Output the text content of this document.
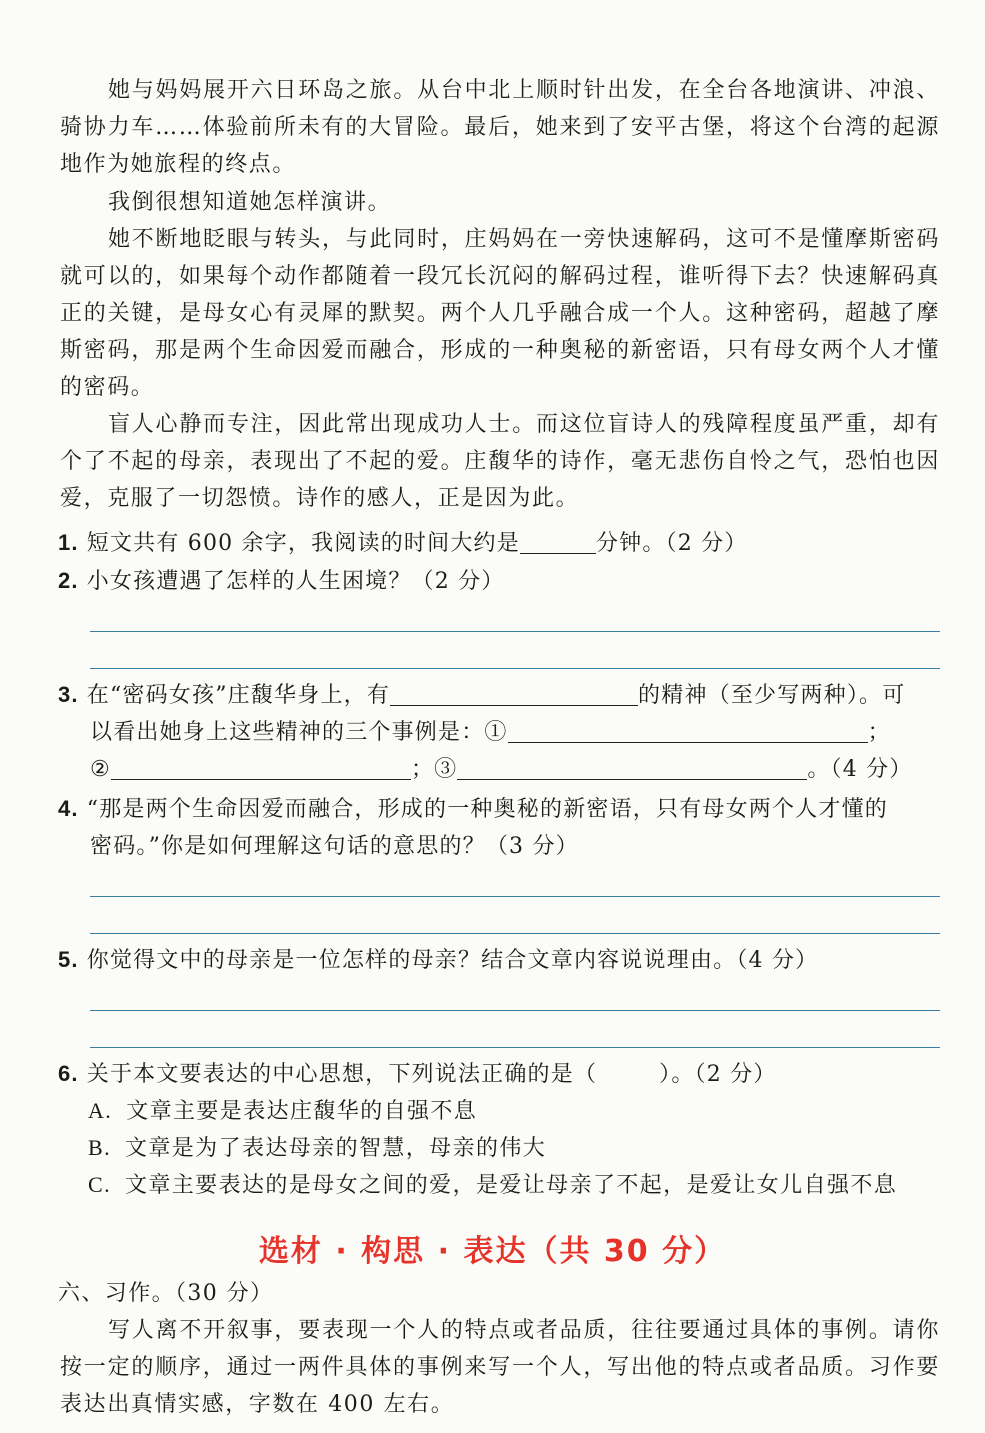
她与妈妈展开六日环岛之旅。从台中北上顺时针出发，在全台各地演讲、冲浪、骑协力车……体验前所未有的大冒险。最后，她来到了安平古堡，将这个台湾的起源地作为她旅程的终点。

我倒很想知道她怎样演讲。

她不断地眨眼与转头，与此同时，庄妈妈在一旁快速解码，这可不是懂摩斯密码就可以的，如果每个动作都随着一段冗长沉闷的解码过程，谁听得下去？快速解码真正的关键，是母女心有灵犀的默契。两个人几乎融合成一个人。这种密码，超越了摩斯密码，那是两个生命因爱而融合，形成的一种奥秘的新密语，只有母女两个人才懂的密码。

盲人心静而专注，因此常出现成功人士。而这位盲诗人的残障程度虽严重，却有个了不起的母亲，表现出了不起的爱。庄馥华的诗作，毫无悲伤自怜之气，恐怕也因爱，克服了一切怨愤。诗作的感人，正是因为此。

1. 短文共有 600 余字，我阅读的时间大约是	分钟。（2 分）

2. 小女孩遭遇了怎样的人生困境？（2 分）

3. 在“密码女孩”庄馥华身上，有	的精神（至少写两种）。可
以看出她身上这些精神的三个事例是：①	；
②	；③	。（4 分）

4. “那是两个生命因爱而融合，形成的一种奥秘的新密语，只有母女两个人才懂的
密码。”你是如何理解这句话的意思的？（3 分）

5. 你觉得文中的母亲是一位怎样的母亲？结合文章内容说说理由。（4 分）

6. 关于本文要表达的中心思想，下列说法正确的是（	）。（2 分）

A. 文章主要是表达庄馥华的自强不息

B. 文章是为了表达母亲的智慧，母亲的伟大

C. 文章主要表达的是母女之间的爱，是爱让母亲了不起，是爱让女儿自强不息

选材 · 构思 · 表达（共 30 分）

六、习作。（30 分）

写人离不开叙事，要表现一个人的特点或者品质，往往要通过具体的事例。请你按一定的顺序，通过一两件具体的事例来写一个人，写出他的特点或者品质。习作要表达出真情实感，字数在 400 左右。
